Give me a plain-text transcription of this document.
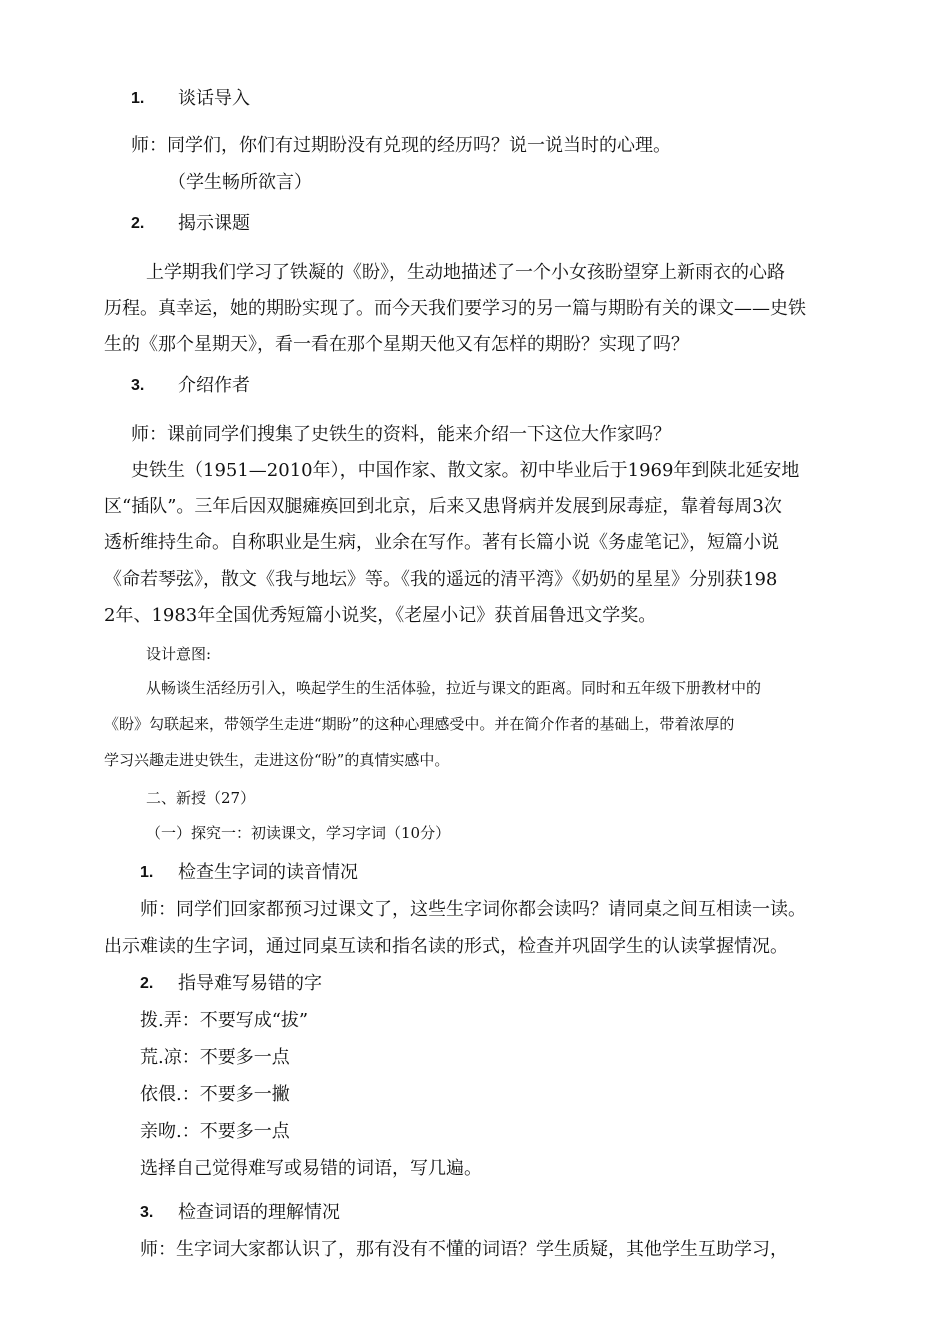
1. 谈话导入
师：同学们，你们有过期盼没有兑现的经历吗？说一说当时的心理。
（学生畅所欲言）
2. 揭示课题
上学期我们学习了铁凝的《盼》，生动地描述了一个小女孩盼望穿上新雨衣的心路
历程。真幸运，她的期盼实现了。而今天我们要学习的另一篇与期盼有关的课文——史铁
生的《那个星期天》，看一看在那个星期天他又有怎样的期盼？实现了吗？
3. 介绍作者
师：课前同学们搜集了史铁生的资料，能来介绍一下这位大作家吗？
史铁生（1951—2010年），中国作家、散文家。初中毕业后于1969年到陕北延安地
区“插队”。三年后因双腿瘫痪回到北京，后来又患肾病并发展到尿毒症，靠着每周3次
透析维持生命。自称职业是生病，业余在写作。著有长篇小说《务虚笔记》，短篇小说
《命若琴弦》，散文《我与地坛》等。《我的遥远的清平湾》《奶奶的星星》分别获198
2年、1983年全国优秀短篇小说奖，《老屋小记》获首届鲁迅文学奖。
设计意图:
从畅谈生活经历引入，唤起学生的生活体验，拉近与课文的距离。同时和五年级下册教材中的
《盼》勾联起来，带领学生走进“期盼”的这种心理感受中。并在简介作者的基础上，带着浓厚的
学习兴趣走进史铁生，走进这份“盼”的真情实感中。
二、新授（27）
（一）探究一：初读课文，学习字词（10分）
1. 检查生字词的读音情况
师：同学们回家都预习过课文了，这些生字词你都会读吗？请同桌之间互相读一读。
出示难读的生字词，通过同桌互读和指名读的形式，检查并巩固学生的认读掌握情况。
2. 指导难写易错的字
拨.弄：不要写成“拔”
荒.凉：不要多一点
依偎.：不要多一撇
亲吻.：不要多一点
选择自己觉得难写或易错的词语，写几遍。
3. 检查词语的理解情况
师：生字词大家都认识了，那有没有不懂的词语？学生质疑，其他学生互助学习，
